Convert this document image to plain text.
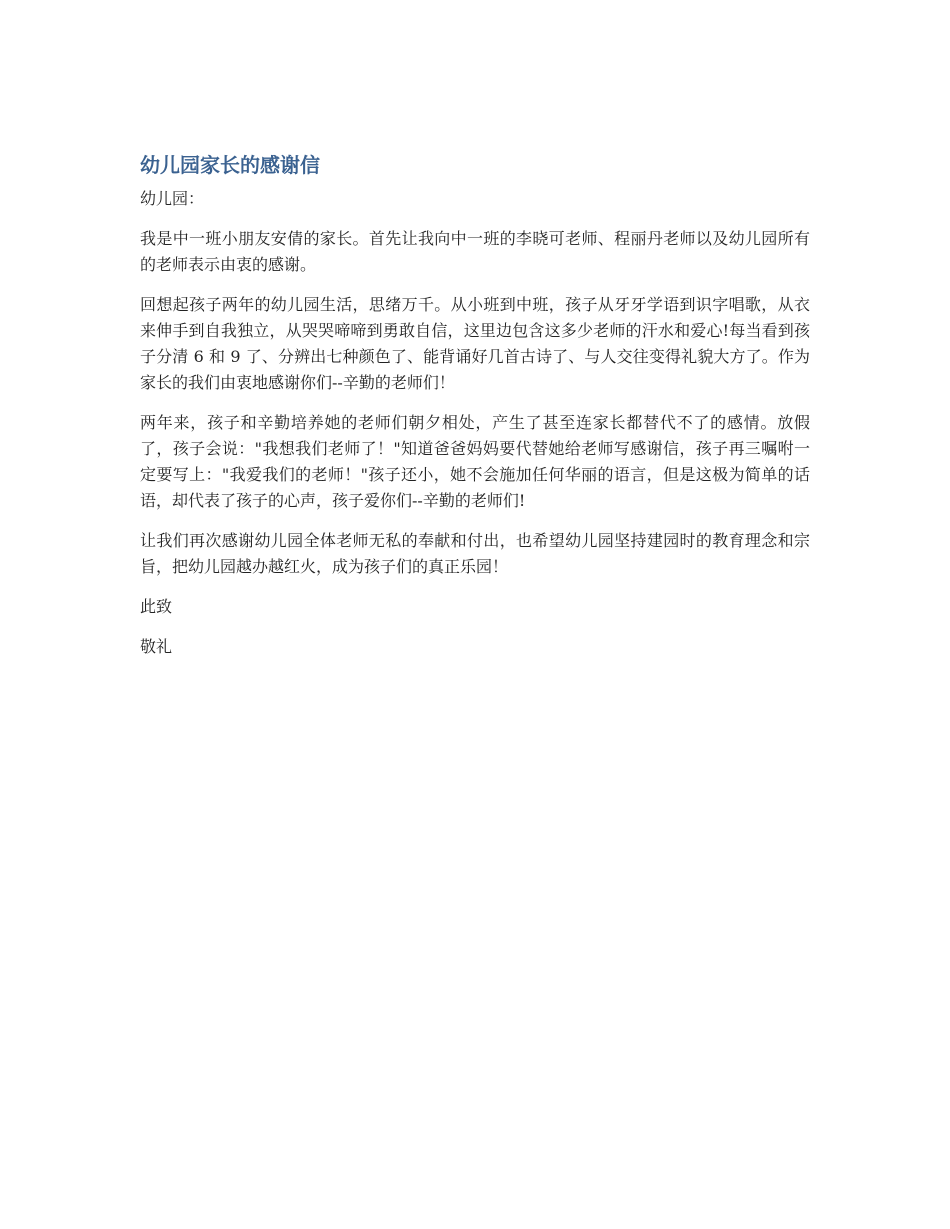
幼儿园家长的感谢信

幼儿园：

我是中一班小朋友安倩的家长。首先让我向中一班的李晓可老师、程丽丹老师以及幼儿园所有的老师表示由衷的感谢。

回想起孩子两年的幼儿园生活，思绪万千。从小班到中班，孩子从牙牙学语到识字唱歌，从衣来伸手到自我独立，从哭哭啼啼到勇敢自信，这里边包含这多少老师的汗水和爱心!每当看到孩子分清 6 和 9 了、分辨出七种颜色了、能背诵好几首古诗了、与人交往变得礼貌大方了。作为家长的我们由衷地感谢你们--辛勤的老师们！

两年来，孩子和辛勤培养她的老师们朝夕相处，产生了甚至连家长都替代不了的感情。放假了，孩子会说："我想我们老师了！"知道爸爸妈妈要代替她给老师写感谢信，孩子再三嘱咐一定要写上："我爱我们的老师！"孩子还小，她不会施加任何华丽的语言，但是这极为简单的话语，却代表了孩子的心声，孩子爱你们--辛勤的老师们!

让我们再次感谢幼儿园全体老师无私的奉献和付出，也希望幼儿园坚持建园时的教育理念和宗旨，把幼儿园越办越红火，成为孩子们的真正乐园！

此致

敬礼
